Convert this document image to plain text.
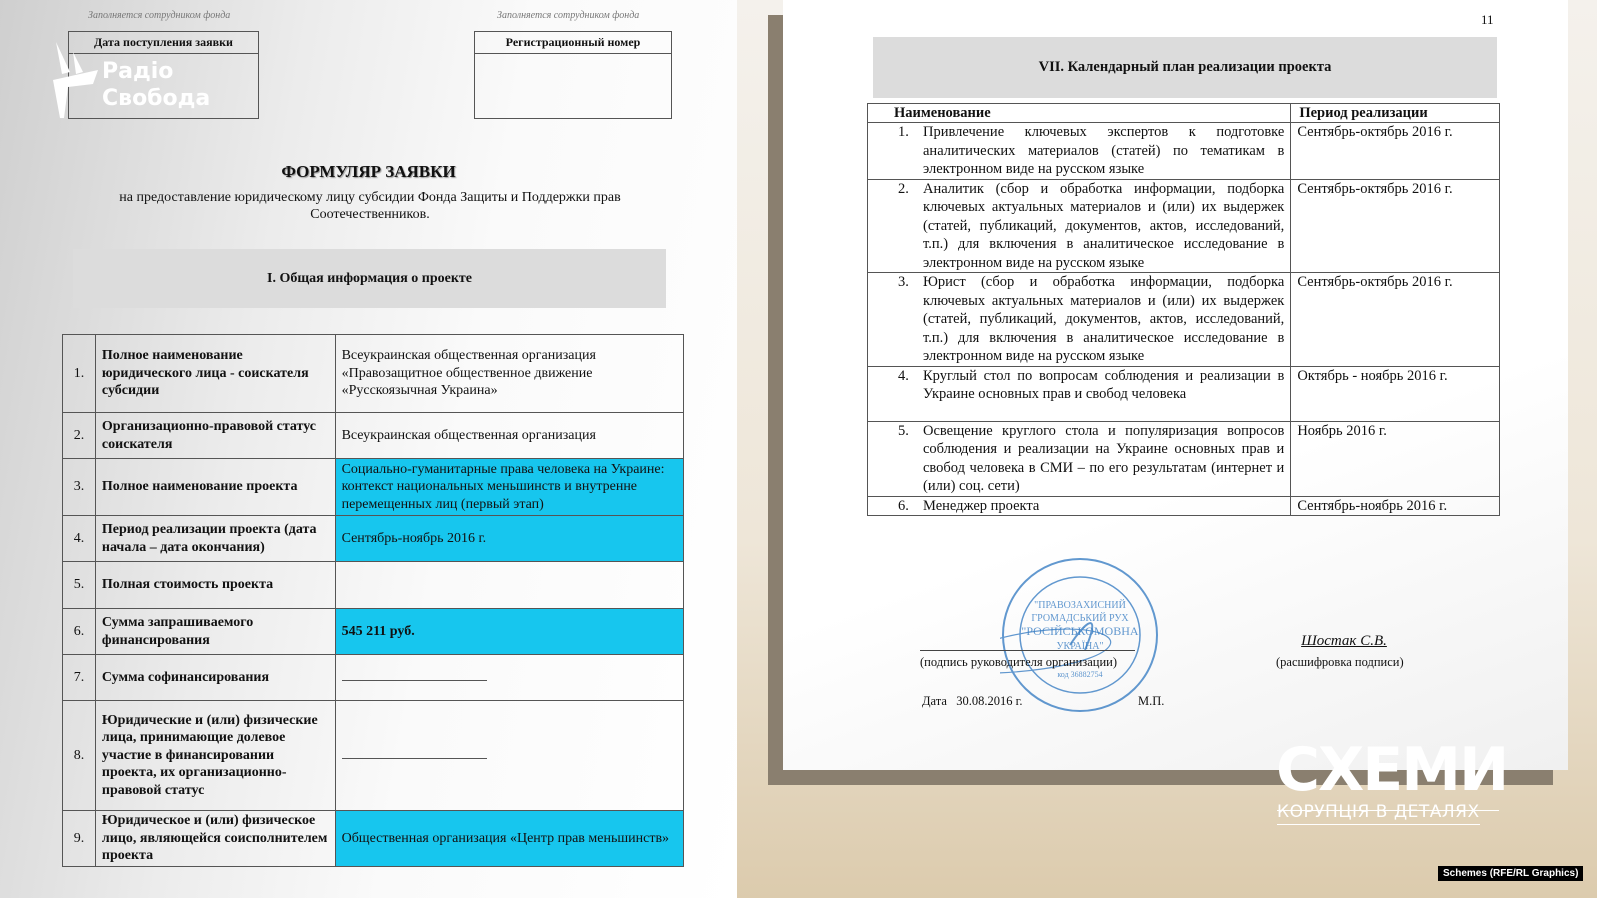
Заполняется сотрудником фонда	Заполняется сотрудником фонда
Дата поступления заявки	Регистрационный номер
Радіо
Свобода
ФОРМУЛЯР ЗАЯВКИ
на предоставление юридическому лицу субсидии Фонда Защиты и Поддержки прав Соотечественников.
I. Общая информация о проекте
1.	Полное наименование юридического лица - соискателя субсидии	Всеукраинская общественная организация «Правозащитное общественное движение «Русскоязычная Украина»
2.	Организационно-правовой статус соискателя	Всеукраинская общественная организация
3.	Полное наименование проекта	Социально-гуманитарные права человека на Украине: контекст национальных меньшинств и внутренне перемещенных лиц (первый этап)
4.	Период реализации проекта (дата начала – дата окончания)	Сентябрь-ноябрь 2016 г.
5.	Полная стоимость проекта	
6.	Сумма запрашиваемого финансирования	545 211 руб.
7.	Сумма софинансирования	
8.	Юридические и (или) физические лица, принимающие долевое участие в финансировании проекта, их организационно-правовой статус	
9.	Юридическое и (или) физическое лицо, являющейся соисполнителем проекта	Общественная организация «Центр прав меньшинств»
11
VII. Календарный план реализации проекта
Наименование	Период реализации

1. Привлечение ключевых экспертов к подготовке аналитических материалов (статей) по тематикам в электронном виде на русском языке	Сентябрь-октябрь 2016 г.

2. Аналитик (сбор и обработка информации, подборка ключевых актуальных материалов и (или) их выдержек (статей, публикаций, документов, актов, исследований, т.п.) для включения в аналитическое исследование в электронном виде на русском языке	Сентябрь-октябрь 2016 г.

3. Юрист (сбор и обработка информации, подборка ключевых актуальных материалов и (или) их выдержек (статей, публикаций, документов, актов, исследований, т.п.) для включения в аналитическое исследование в электронном виде на русском языке	Сентябрь-октябрь 2016 г.

4. Круглый стол по вопросам соблюдения и реализации в Украине основных прав и свобод человека	Октябрь - ноябрь 2016 г.

5. Освещение круглого стола и популяризация вопросов соблюдения и реализации на Украине основных прав и свобод человека в СМИ – по его результатам (интернет и (или) соц. сети)	Ноябрь 2016 г.

6. Менеджер проекта	Сентябрь-ноябрь 2016 г.
"ПРАВОЗАХИСНИЙ
ГРОМАДСЬКИЙ РУХ
"РОСІЙСЬКОМОВНА
УКРАЇНА"
код 36882754
(подпись руководителя организации)
Шостак С.В.
(расшифровка подписи)
Дата 30.08.2016 г.	М.П.
СХЕМИ
КОРУПЦІЯ В ДЕТАЛЯХ
Schemes (RFE/RL Graphics)
